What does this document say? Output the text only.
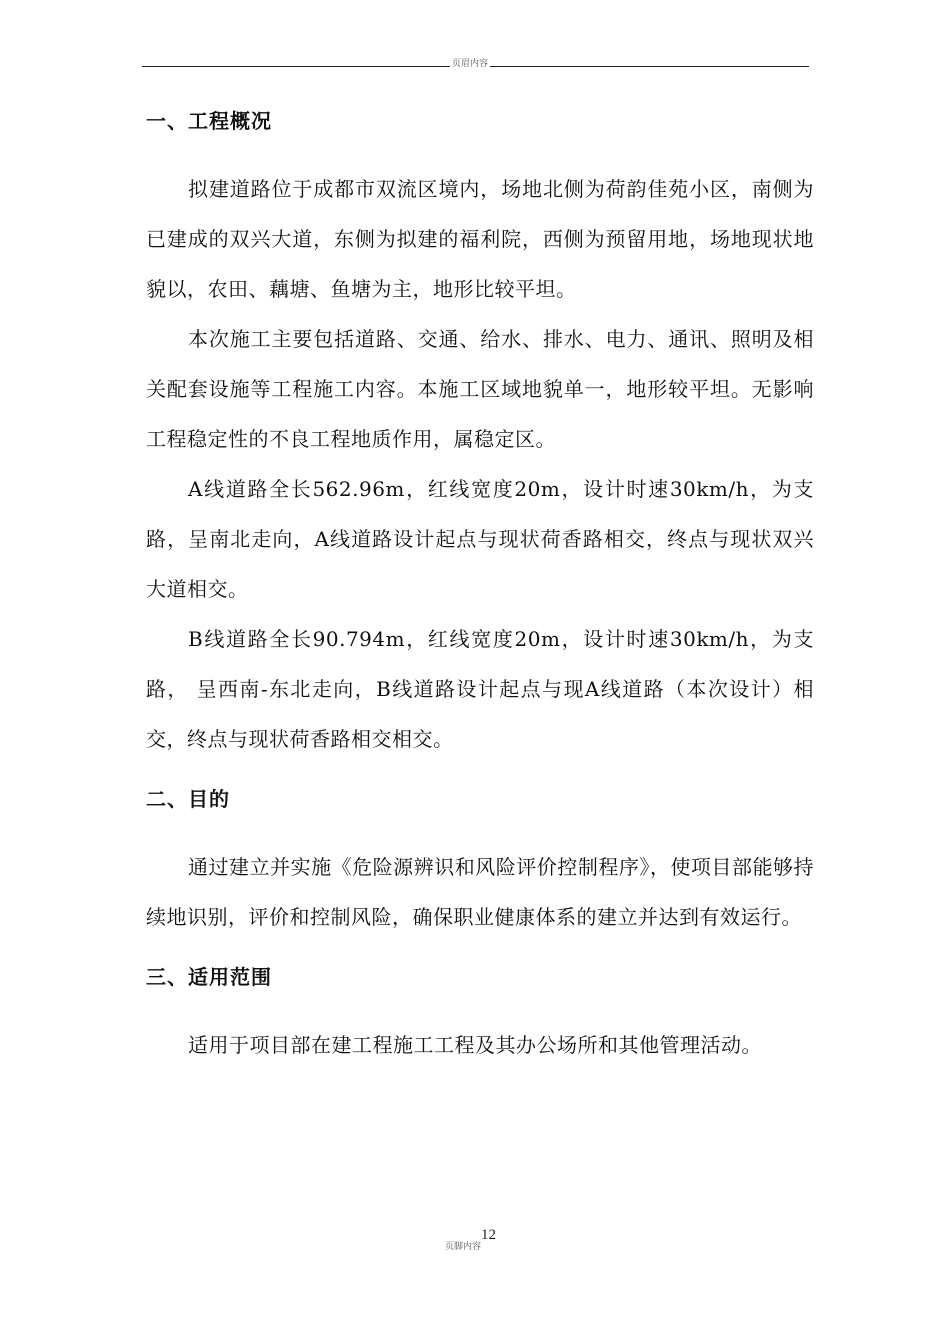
页眉内容
一、工程概况

拟建道路位于成都市双流区境内，场地北侧为荷韵佳苑小区，南侧为已建成的双兴大道，东侧为拟建的福利院，西侧为预留用地，场地现状地貌以，农田、藕塘、鱼塘为主，地形比较平坦。

本次施工主要包括道路、交通、给水、排水、电力、通讯、照明及相关配套设施等工程施工内容。本施工区域地貌单一，地形较平坦。无影响工程稳定性的不良工程地质作用，属稳定区。

A线道路全长562.96m，红线宽度20m，设计时速30km/h，为支路，呈南北走向，A线道路设计起点与现状荷香路相交，终点与现状双兴大道相交。

B线道路全长90.794m，红线宽度20m，设计时速30km/h，为支路， 呈西南-东北走向，B线道路设计起点与现A线道路（本次设计）相交，终点与现状荷香路相交相交。

二、目的

通过建立并实施《危险源辨识和风险评价控制程序》，使项目部能够持续地识别，评价和控制风险，确保职业健康体系的建立并达到有效运行。

三、适用范围

适用于项目部在建工程施工工程及其办公场所和其他管理活动。

页脚内容12
